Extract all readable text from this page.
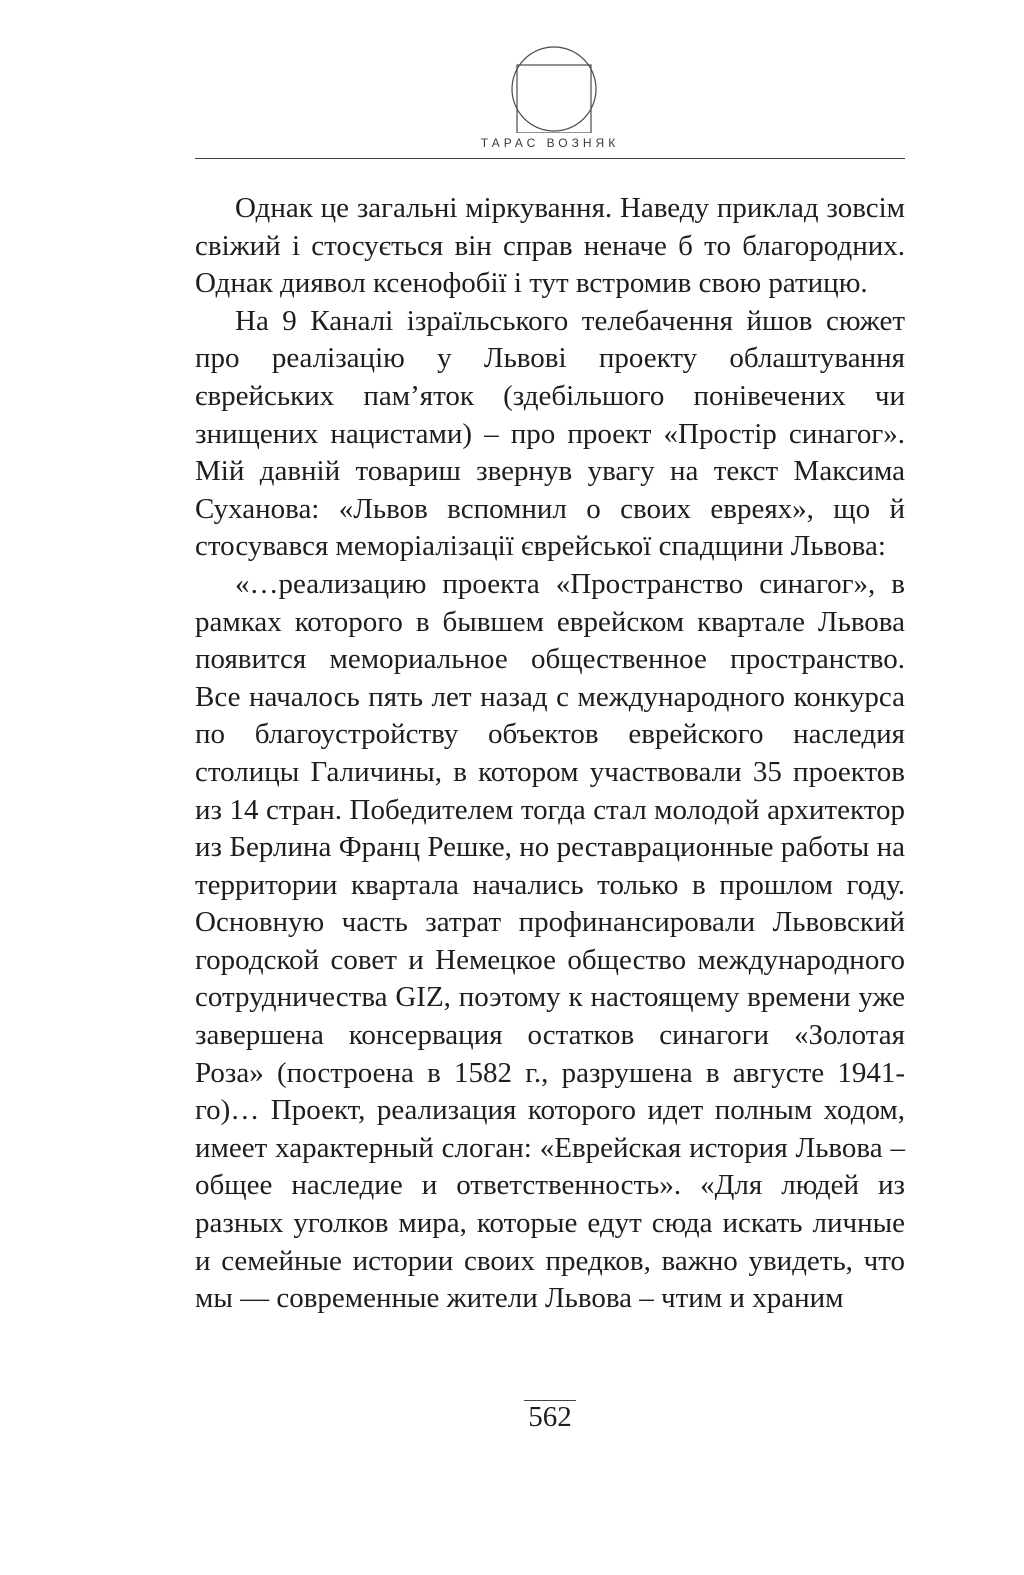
ТАРАС ВОЗНЯК

Однак це загальні міркування. Наведу приклад зовсім свіжий і стосується він справ неначе б то благородних. Однак диявол ксенофобії і тут встромив свою ратицю.

На 9 Каналі ізраїльського телебачення йшов сюжет про реалізацію у Львові проекту облаштування єврейських пам’яток (здебільшого понівечених чи знищених нацистами) – про проект «Простір синагог». Мій давній товариш звернув увагу на текст Максима Суханова: «Львов вспомнил о своих евреях», що й стосувався меморіалізації єврейської спадщини Львова:

«…реализацию проекта «Пространство синагог», в рамках которого в бывшем еврейском квартале Львова появится мемориальное общественное пространство. Все началось пять лет назад с международного конкурса по благоустройству объектов еврейского наследия столицы Галичины, в котором участвовали 35 проектов из 14 стран. Победителем тогда стал молодой архитектор из Берлина Франц Решке, но реставрационные работы на территории квартала начались только в прошлом году. Основную часть затрат профинансировали Львовский городской совет и Немецкое общество международного сотрудничества GIZ, поэтому к настоящему времени уже завершена консервация остатков синагоги «Золотая Роза» (построена в 1582 г., разрушена в августе 1941-го)… Проект, реализация которого идет полным ходом, имеет характерный слоган: «Еврейская история Львова – общее наследие и ответственность». «Для людей из разных уголков мира, которые едут сюда искать личные и семейные истории своих предков, важно увидеть, что мы — современные жители Львова – чтим и храним

562
